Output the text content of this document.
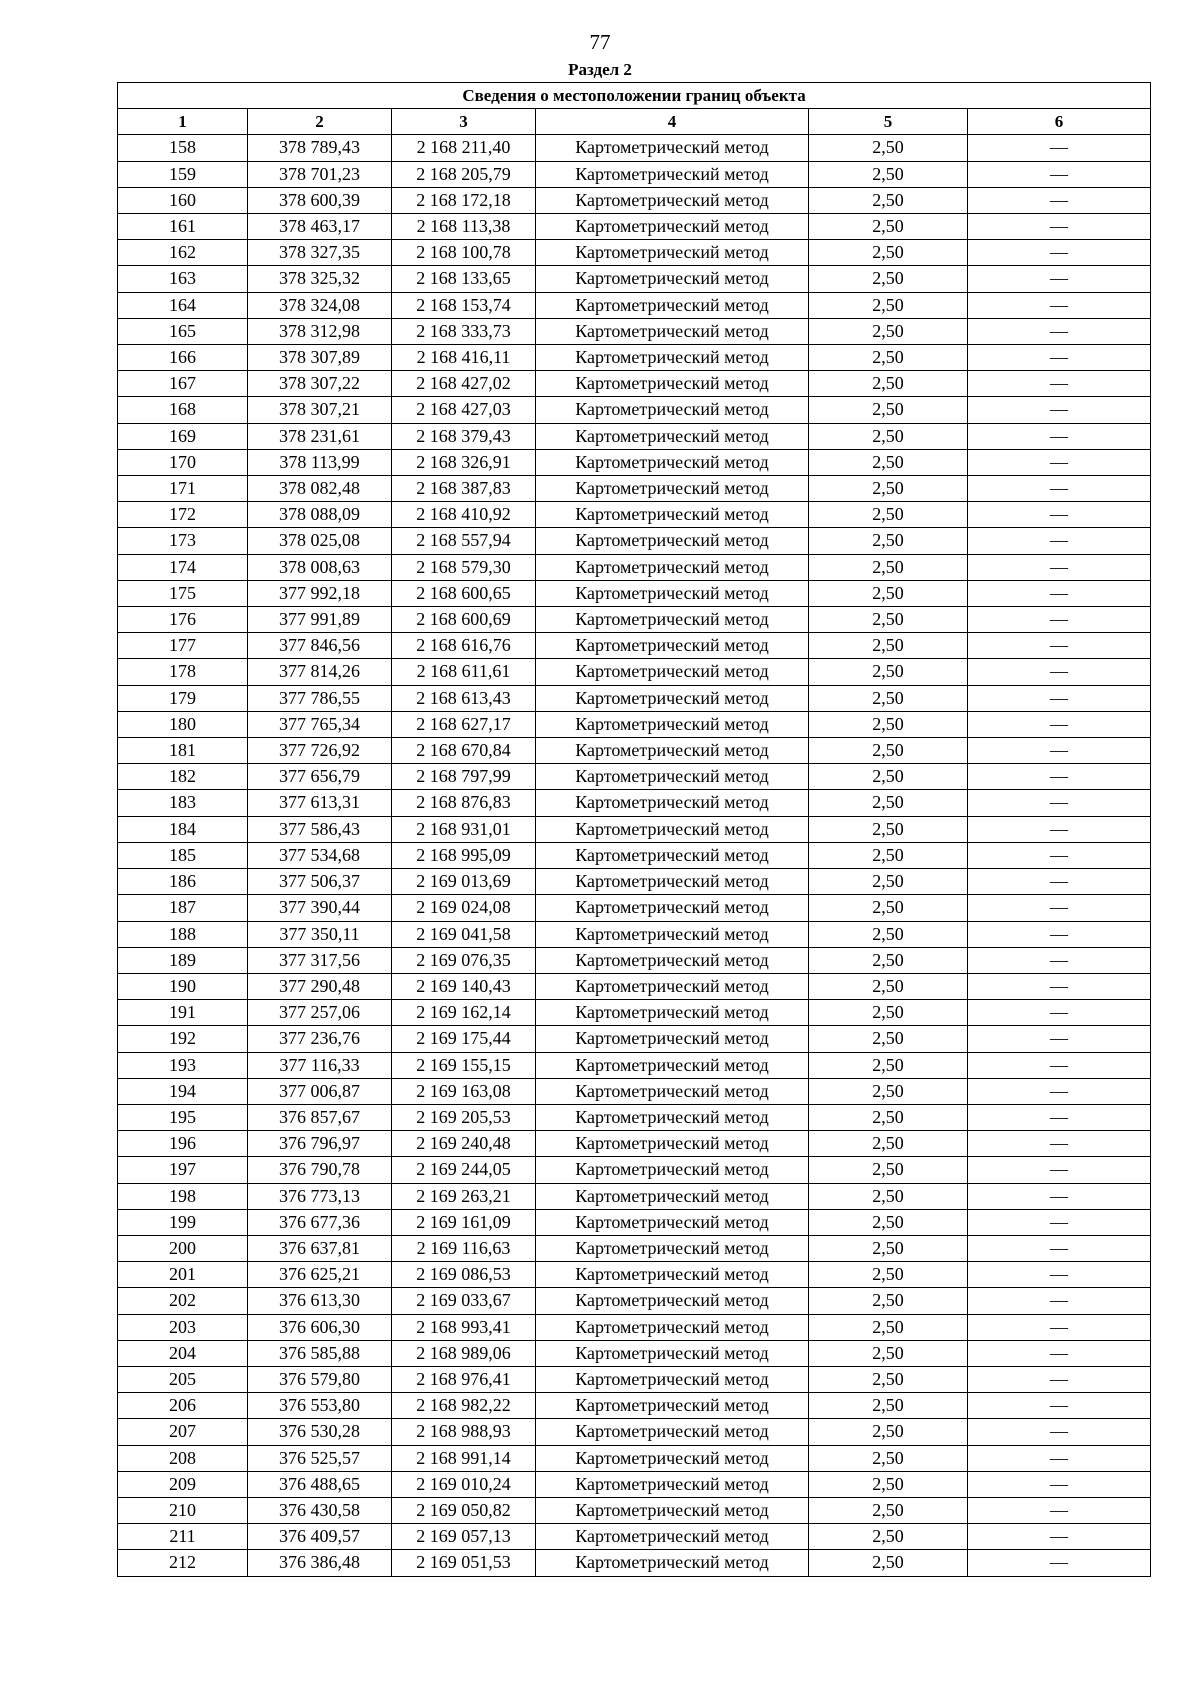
77
Раздел 2
Сведения о местоположении границ объекта					
1	2	3	4	5	6
158	378 789,43	2 168 211,40	Картометрический метод	2,50	—
159	378 701,23	2 168 205,79	Картометрический метод	2,50	—
160	378 600,39	2 168 172,18	Картометрический метод	2,50	—
161	378 463,17	2 168 113,38	Картометрический метод	2,50	—
162	378 327,35	2 168 100,78	Картометрический метод	2,50	—
163	378 325,32	2 168 133,65	Картометрический метод	2,50	—
164	378 324,08	2 168 153,74	Картометрический метод	2,50	—
165	378 312,98	2 168 333,73	Картометрический метод	2,50	—
166	378 307,89	2 168 416,11	Картометрический метод	2,50	—
167	378 307,22	2 168 427,02	Картометрический метод	2,50	—
168	378 307,21	2 168 427,03	Картометрический метод	2,50	—
169	378 231,61	2 168 379,43	Картометрический метод	2,50	—
170	378 113,99	2 168 326,91	Картометрический метод	2,50	—
171	378 082,48	2 168 387,83	Картометрический метод	2,50	—
172	378 088,09	2 168 410,92	Картометрический метод	2,50	—
173	378 025,08	2 168 557,94	Картометрический метод	2,50	—
174	378 008,63	2 168 579,30	Картометрический метод	2,50	—
175	377 992,18	2 168 600,65	Картометрический метод	2,50	—
176	377 991,89	2 168 600,69	Картометрический метод	2,50	—
177	377 846,56	2 168 616,76	Картометрический метод	2,50	—
178	377 814,26	2 168 611,61	Картометрический метод	2,50	—
179	377 786,55	2 168 613,43	Картометрический метод	2,50	—
180	377 765,34	2 168 627,17	Картометрический метод	2,50	—
181	377 726,92	2 168 670,84	Картометрический метод	2,50	—
182	377 656,79	2 168 797,99	Картометрический метод	2,50	—
183	377 613,31	2 168 876,83	Картометрический метод	2,50	—
184	377 586,43	2 168 931,01	Картометрический метод	2,50	—
185	377 534,68	2 168 995,09	Картометрический метод	2,50	—
186	377 506,37	2 169 013,69	Картометрический метод	2,50	—
187	377 390,44	2 169 024,08	Картометрический метод	2,50	—
188	377 350,11	2 169 041,58	Картометрический метод	2,50	—
189	377 317,56	2 169 076,35	Картометрический метод	2,50	—
190	377 290,48	2 169 140,43	Картометрический метод	2,50	—
191	377 257,06	2 169 162,14	Картометрический метод	2,50	—
192	377 236,76	2 169 175,44	Картометрический метод	2,50	—
193	377 116,33	2 169 155,15	Картометрический метод	2,50	—
194	377 006,87	2 169 163,08	Картометрический метод	2,50	—
195	376 857,67	2 169 205,53	Картометрический метод	2,50	—
196	376 796,97	2 169 240,48	Картометрический метод	2,50	—
197	376 790,78	2 169 244,05	Картометрический метод	2,50	—
198	376 773,13	2 169 263,21	Картометрический метод	2,50	—
199	376 677,36	2 169 161,09	Картометрический метод	2,50	—
200	376 637,81	2 169 116,63	Картометрический метод	2,50	—
201	376 625,21	2 169 086,53	Картометрический метод	2,50	—
202	376 613,30	2 169 033,67	Картометрический метод	2,50	—
203	376 606,30	2 168 993,41	Картометрический метод	2,50	—
204	376 585,88	2 168 989,06	Картометрический метод	2,50	—
205	376 579,80	2 168 976,41	Картометрический метод	2,50	—
206	376 553,80	2 168 982,22	Картометрический метод	2,50	—
207	376 530,28	2 168 988,93	Картометрический метод	2,50	—
208	376 525,57	2 168 991,14	Картометрический метод	2,50	—
209	376 488,65	2 169 010,24	Картометрический метод	2,50	—
210	376 430,58	2 169 050,82	Картометрический метод	2,50	—
211	376 409,57	2 169 057,13	Картометрический метод	2,50	—
212	376 386,48	2 169 051,53	Картометрический метод	2,50	—
